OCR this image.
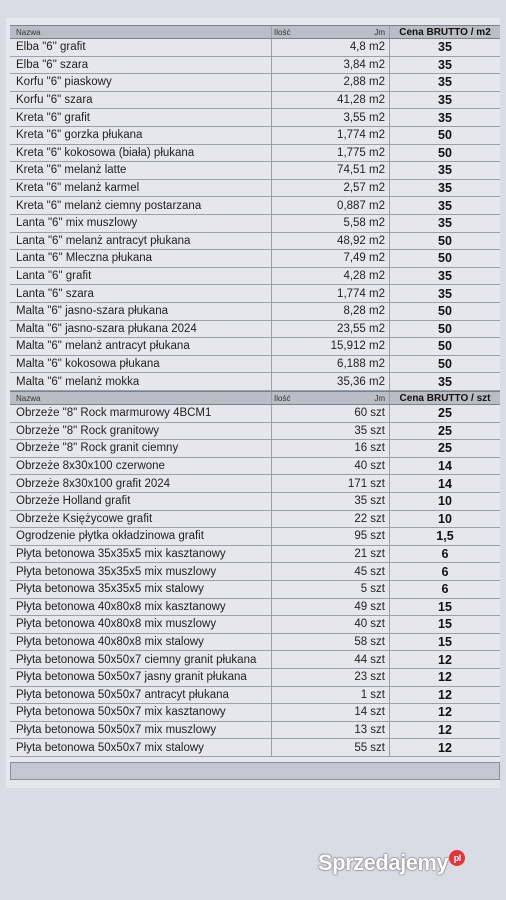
Nazwa	Ilość	Jm	Cena BRUTTO / m2
Elba "6" grafit	4,8 m2	35
Elba "6" szara	3,84 m2	35
Korfu "6" piaskowy	2,88 m2	35
Korfu "6" szara	41,28 m2	35
Kreta "6" grafit	3,55 m2	35
Kreta "6" gorzka płukana	1,774 m2	50
Kreta "6" kokosowa (biała) płukana	1,775 m2	50
Kreta "6" melanż latte	74,51 m2	35
Kreta "6" melanż karmel	2,57 m2	35
Kreta "6" melanż ciemny postarzana	0,887 m2	35
Lanta "6" mix muszlowy	5,58 m2	35
Lanta "6" melanż antracyt płukana	48,92 m2	50
Lanta "6" Mleczna płukana	7,49 m2	50
Lanta "6" grafit	4,28 m2	35
Lanta "6" szara	1,774 m2	35
Malta "6" jasno-szara płukana	8,28 m2	50
Malta "6" jasno-szara płukana 2024	23,55 m2	50
Malta "6" melanż antracyt płukana	15,912 m2	50
Malta "6" kokosowa płukana	6,188 m2	50
Malta "6" melanż mokka	35,36 m2	35
Nazwa	Ilość	Jm	Cena BRUTTO / szt
Obrzeże "8" Rock marmurowy 4BCM1	60 szt	25
Obrzeże "8" Rock granitowy	35 szt	25
Obrzeże "8" Rock granit ciemny	16 szt	25
Obrzeże 8x30x100 czerwone	40 szt	14
Obrzeże 8x30x100 grafit 2024	171 szt	14
Obrzeże Holland grafit	35 szt	10
Obrzeże Księżycowe grafit	22 szt	10
Ogrodzenie płytka okładzinowa grafit	95 szt	1,5
Płyta betonowa 35x35x5 mix kasztanowy	21 szt	6
Płyta betonowa 35x35x5 mix muszlowy	45 szt	6
Płyta betonowa 35x35x5 mix stalowy	5 szt	6
Płyta betonowa 40x80x8 mix kasztanowy	49 szt	15
Płyta betonowa 40x80x8 mix muszlowy	40 szt	15
Płyta betonowa 40x80x8 mix stalowy	58 szt	15
Płyta betonowa 50x50x7 ciemny granit płukana	44 szt	12
Płyta betonowa 50x50x7 jasny granit płukana	23 szt	12
Płyta betonowa 50x50x7 antracyt płukana	1 szt	12
Płyta betonowa 50x50x7 mix kasztanowy	14 szt	12
Płyta betonowa 50x50x7 mix muszlowy	13 szt	12
Płyta betonowa 50x50x7 mix stalowy	55 szt	12
Sprzedajemy pl
